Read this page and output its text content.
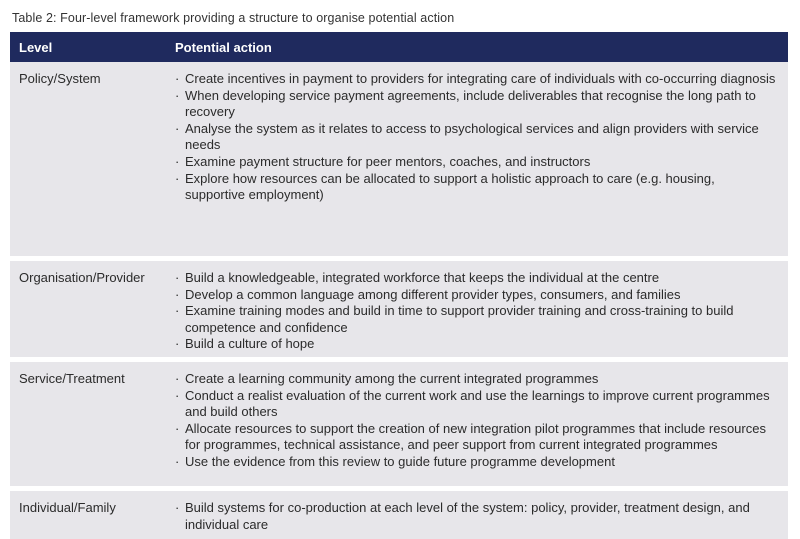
Table 2: Four-level framework providing a structure to organise potential action
Level	Potential action
Policy/System	· Create incentives in payment to providers for integrating care of individuals with co-occurring diagnosis
· When developing service payment agreements, include deliverables that recognise the long path to recovery
· Analyse the system as it relates to access to psychological services and align providers with service needs
· Examine payment structure for peer mentors, coaches, and instructors
· Explore how resources can be allocated to support a holistic approach to care (e.g. housing, supportive employment)
Organisation/Provider	· Build a knowledgeable, integrated workforce that keeps the individual at the centre
· Develop a common language among different provider types, consumers, and families
· Examine training modes and build in time to support provider training and cross-training to build competence and confidence
· Build a culture of hope
Service/Treatment	· Create a learning community among the current integrated programmes
· Conduct a realist evaluation of the current work and use the learnings to improve current programmes and build others
· Allocate resources to support the creation of new integration pilot programmes that include resources for programmes, technical assistance, and peer support from current integrated programmes
· Use the evidence from this review to guide future programme development
Individual/Family	· Build systems for co-production at each level of the system: policy, provider, treatment design, and individual care
